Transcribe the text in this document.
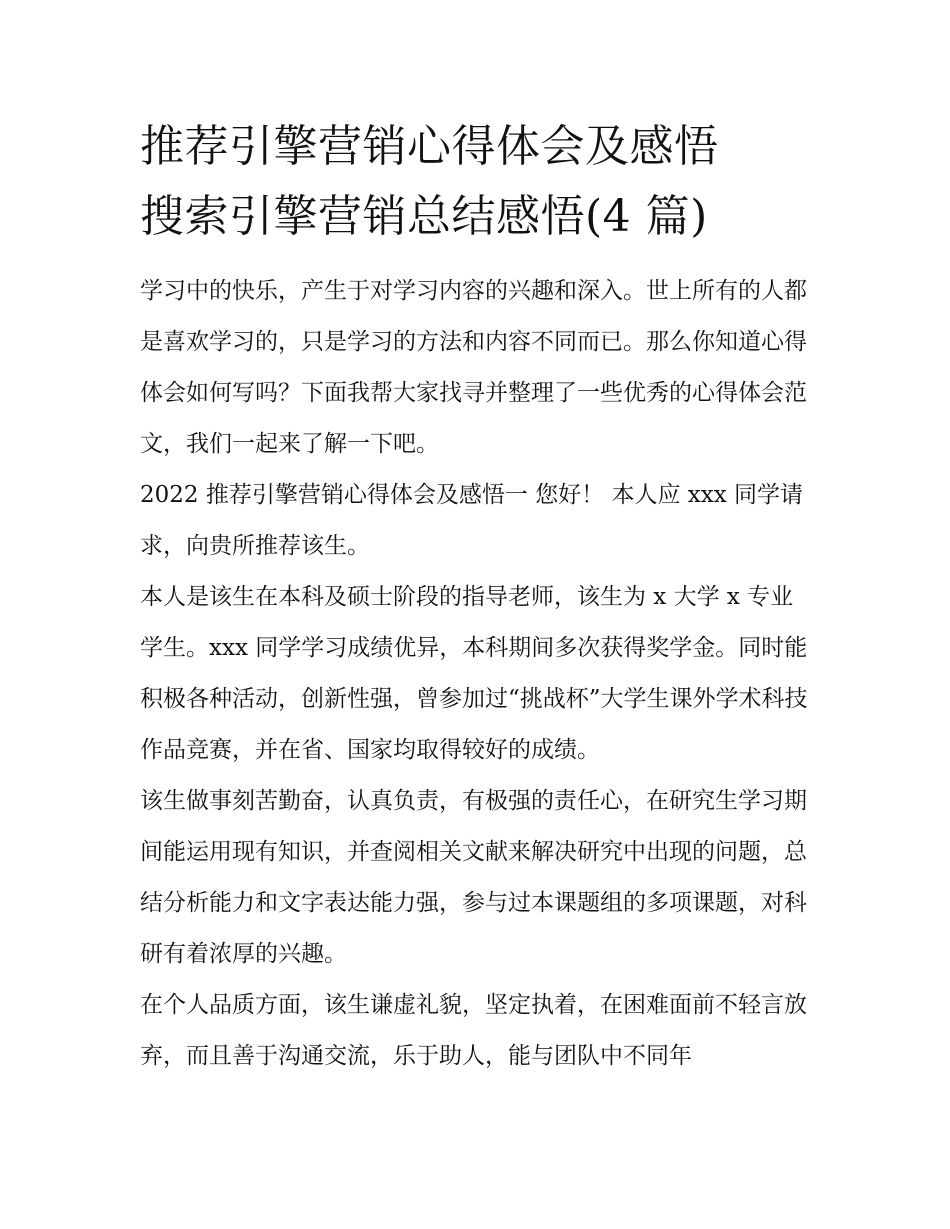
推荐引擎营销心得体会及感悟
搜索引擎营销总结感悟(4 篇)

学习中的快乐，产生于对学习内容的兴趣和深入。世上所有的人都是喜欢学习的，只是学习的方法和内容不同而已。那么你知道心得体会如何写吗？下面我帮大家找寻并整理了一些优秀的心得体会范文，我们一起来了解一下吧。

2022 推荐引擎营销心得体会及感悟一 您好！ 本人应 xxx 同学请求，向贵所推荐该生。

本人是该生在本科及硕士阶段的指导老师，该生为 x 大学 x 专业学生。xxx 同学学习成绩优异，本科期间多次获得奖学金。同时能积极各种活动，创新性强，曾参加过“挑战杯”大学生课外学术科技作品竞赛，并在省、国家均取得较好的成绩。

该生做事刻苦勤奋，认真负责，有极强的责任心，在研究生学习期间能运用现有知识，并查阅相关文献来解决研究中出现的问题，总结分析能力和文字表达能力强，参与过本课题组的多项课题，对科研有着浓厚的兴趣。

在个人品质方面，该生谦虚礼貌，坚定执着，在困难面前不轻言放弃，而且善于沟通交流，乐于助人，能与团队中不同年
